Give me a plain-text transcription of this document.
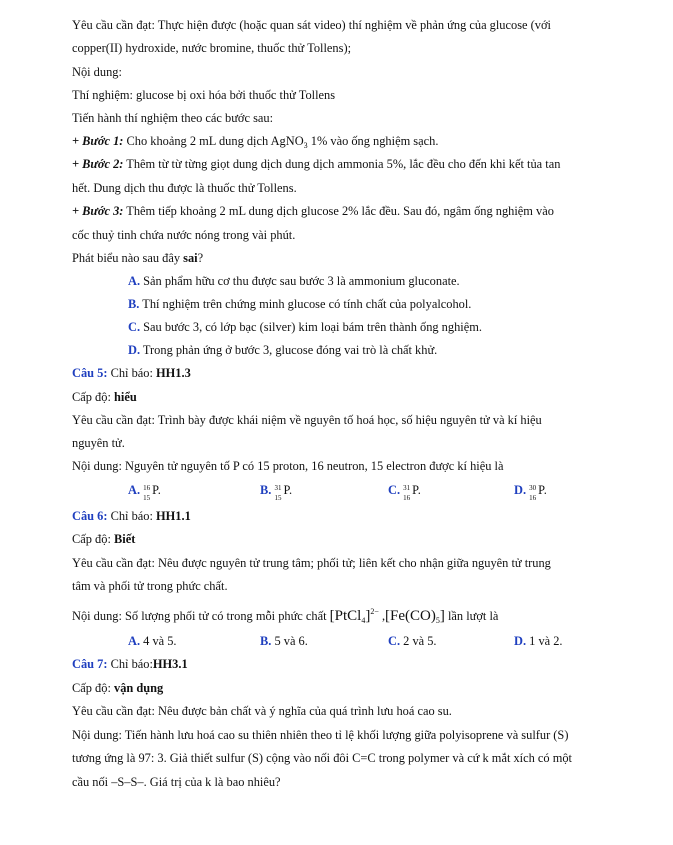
Yêu cầu cần đạt: Thực hiện được (hoặc quan sát video) thí nghiệm về phản ứng của glucose (với
copper(II) hydroxide, nước bromine, thuốc thử Tollens);
Nội dung:
Thí nghiệm: glucose bị oxi hóa bởi thuốc thử Tollens
Tiến hành thí nghiệm theo các bước sau:
+ Bước 1: Cho khoảng 2 mL dung dịch AgNO$_3$ 1% vào ống nghiệm sạch.
+ Bước 2: Thêm từ từ từng giọt dung dịch dung dịch ammonia 5%, lắc đều cho đến khi kết tủa tan
hết. Dung dịch thu được là thuốc thử Tollens.
+ Bước 3: Thêm tiếp khoảng 2 mL dung dịch glucose 2% lắc đều. Sau đó, ngâm ống nghiệm vào
cốc thuỷ tinh chứa nước nóng trong vài phút.
Phát biểu nào sau đây sai?
A. Sản phẩm hữu cơ thu được sau bước 3 là ammonium gluconate.
B. Thí nghiệm trên chứng minh glucose có tính chất của polyalcohol.
C. Sau bước 3, có lớp bạc (silver) kim loại bám trên thành ống nghiệm.
D. Trong phản ứng ở bước 3, glucose đóng vai trò là chất khử.
Câu 5: Chỉ báo: HH1.3
Cấp độ: hiểu
Yêu cầu cần đạt: Trình bày được khái niệm về nguyên tố hoá học, số hiệu nguyên tử và kí hiệu
nguyên tử.
Nội dung: Nguyên tử nguyên tố P có 15 proton, 16 neutron, 15 electron được kí hiệu là
A. 16
15
P.	B. 31
15
P.	C. 31
16
P.	D. 30
16
P.
Câu 6: Chỉ báo: HH1.1
Cấp độ: Biết
Yêu cầu cần đạt: Nêu được nguyên tử trung tâm; phối tử; liên kết cho nhận giữa nguyên tử trung
tâm và phối tử trong phức chất.
Nội dung: Số lượng phối tử có trong mỗi phức chất [PtCl$_4$]$^{2-}$ $,[Fe(CO)_5]$ lần lượt là
A. 4 và 5.	B. 5 và 6.	C. 2 và 5.	D. 1 và 2.
Câu 7: Chỉ báo:HH3.1
Cấp độ: vận dụng
Yêu cầu cần đạt: Nêu được bản chất và ý nghĩa của quá trình lưu hoá cao su.
Nội dung: Tiến hành lưu hoá cao su thiên nhiên theo tỉ lệ khối lượng giữa polyisoprene và sulfur (S)
tương ứng là 97: 3. Giả thiết sulfur (S) cộng vào nối đôi C=C trong polymer và cứ k mắt xích có một
cầu nối –S–S–. Giá trị của k là bao nhiêu?
